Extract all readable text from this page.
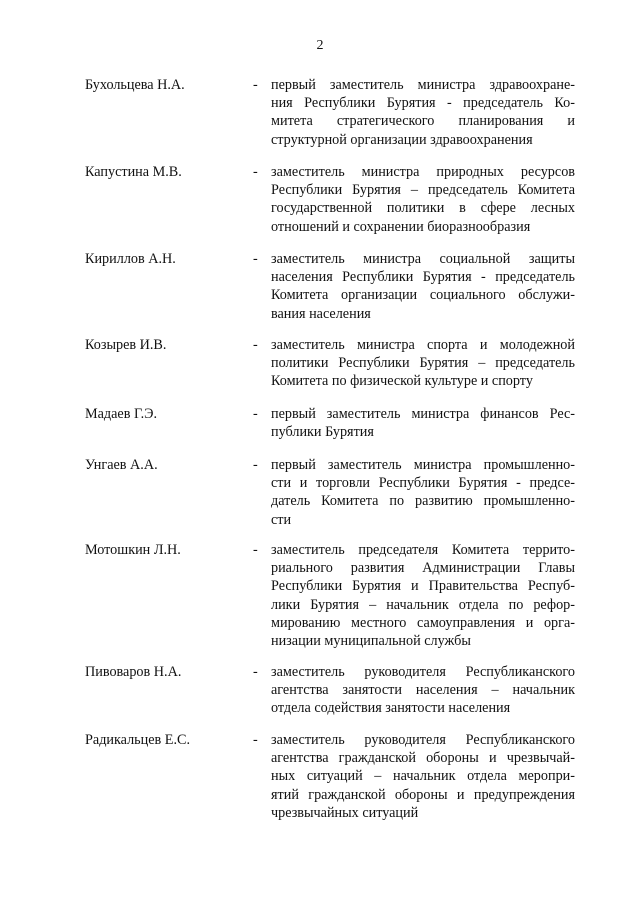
2
Бухольцева Н.А.	- первый заместитель министра здравоохране-
ния Республики Бурятия - председатель Ко-
митета стратегического планирования и
структурной организации здравоохранения
Капустина М.В.	- заместитель министра природных ресурсов
Республики Бурятия – председатель Комитета
государственной политики в сфере лесных
отношений и сохранении биоразнообразия
Кириллов А.Н.	- заместитель министра социальной защиты
населения Республики Бурятия - председатель
Комитета организации социального обслужи-
вания населения
Козырев И.В.	- заместитель министра спорта и молодежной
политики Республики Бурятия – председатель
Комитета по физической культуре и спорту
Мадаев Г.Э.	- первый заместитель министра финансов Рес-
публики Бурятия
Унгаев А.А.	- первый заместитель министра промышленно-
сти и торговли Республики Бурятия - предсе-
датель Комитета по развитию промышленно-
сти
Мотошкин Л.Н.	- заместитель председателя Комитета террито-
риального развития Администрации Главы
Республики Бурятия и Правительства Респуб-
лики Бурятия – начальник отдела по рефор-
мированию местного самоуправления и орга-
низации муниципальной службы
Пивоваров Н.А.	- заместитель руководителя Республиканского
агентства занятости населения – начальник
отдела содействия занятости населения
Радикальцев Е.С.	- заместитель руководителя Республиканского
агентства гражданской обороны и чрезвычай-
ных ситуаций – начальник отдела меропри-
ятий гражданской обороны и предупреждения
чрезвычайных ситуаций
